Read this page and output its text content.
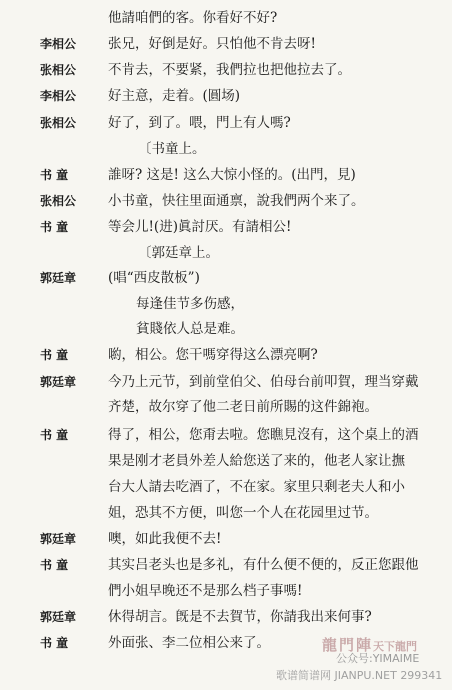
他請咱們的客。你看好不好?
李相公 张兄，好倒是好。只怕他不肯去呀!
张相公 不肯去，不要紧，我們拉也把他拉去了。
李相公 好主意，走着。(圓场)
张相公 好了，到了。喂，門上有人嗎?
〔书童上。
书 童	誰呀? 这是! 这么大惊小怪的。(出門，見)
张相公 小书童，快往里面通禀，說我們两个来了。
书 童	等会儿!(进)眞討厌。有請相公!
〔郭廷章上。
郭廷章 (唱“西皮散板”)
每逢佳节多伤感，
貧賤依人总是难。
书 童	喲，相公。您干嗎穿得这么漂亮啊?
郭廷章 今乃上元节，到前堂伯父、伯母台前叩賀，理当穿戴
齐楚，故尔穿了他二老日前所賜的这件錦袍。
书 童	得了，相公，您甭去啦。您瞧見沒有，这个桌上的酒
果是刚才老員外差人給您送了来的，他老人家让撫
台大人請去吃酒了，不在家。家里只剩老夫人和小
姐，恐其不方便，叫您一个人在花园里过节。
郭廷章 噢，如此我便不去!
书 童	其实吕老头也是多礼，有什么便不便的，反正您跟他
們小姐早晚还不是那么档子事嗎!
郭廷章 休得胡言。旣是不去賀节，你請我出来何事?
书 童	外面张、李二位相公来了。	龍門陣天下龍門
公众号:YIMAIME
歌谱简谱网 JIANPU.NET 299341
